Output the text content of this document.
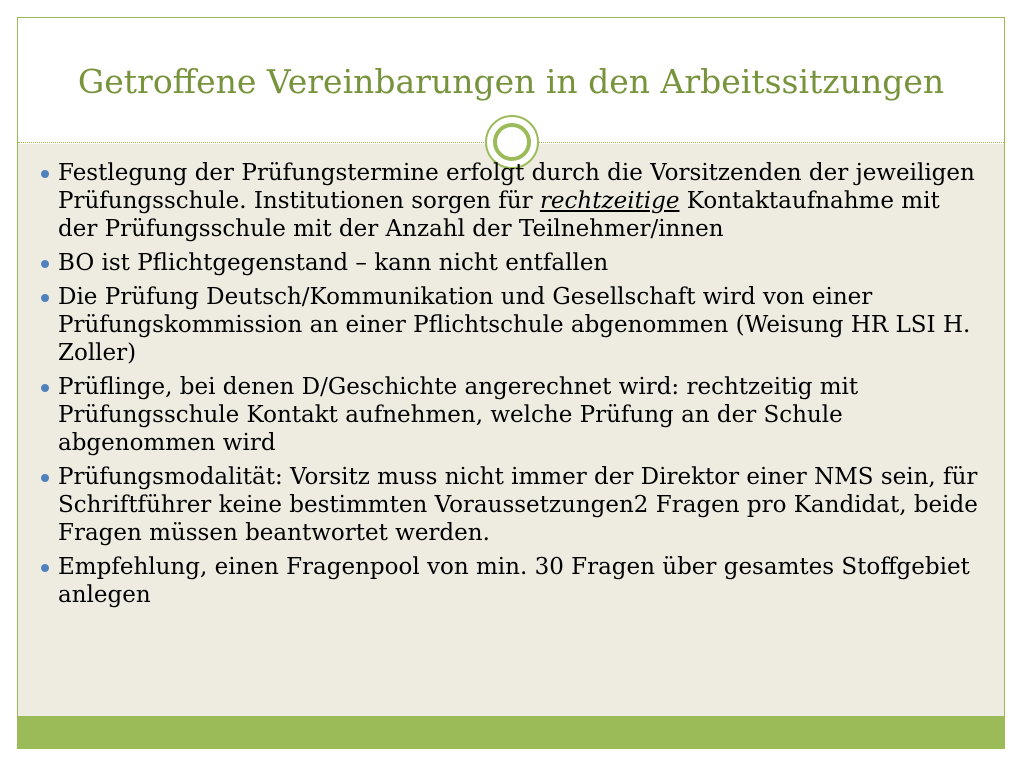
Getroffene Vereinbarungen in den Arbeitssitzungen
Festlegung der Prüfungstermine erfolgt durch die Vorsitzenden der jeweiligen Prüfungsschule. Institutionen sorgen für rechtzeitige Kontaktaufnahme mit der Prüfungsschule mit der Anzahl der Teilnehmer/innen
BO ist Pflichtgegenstand – kann nicht entfallen
Die Prüfung Deutsch/Kommunikation und Gesellschaft wird von einer Prüfungskommission an einer Pflichtschule abgenommen (Weisung HR LSI H. Zoller)
Prüflinge, bei denen D/Geschichte angerechnet wird: rechtzeitig mit Prüfungsschule Kontakt aufnehmen, welche Prüfung an der Schule abgenommen wird
Prüfungsmodalität: Vorsitz muss nicht immer der Direktor einer NMS sein, für Schriftführer keine bestimmten Voraussetzungen2 Fragen pro Kandidat, beide Fragen müssen beantwortet werden.
Empfehlung, einen Fragenpool von min. 30 Fragen über gesamtes Stoffgebiet anlegen
